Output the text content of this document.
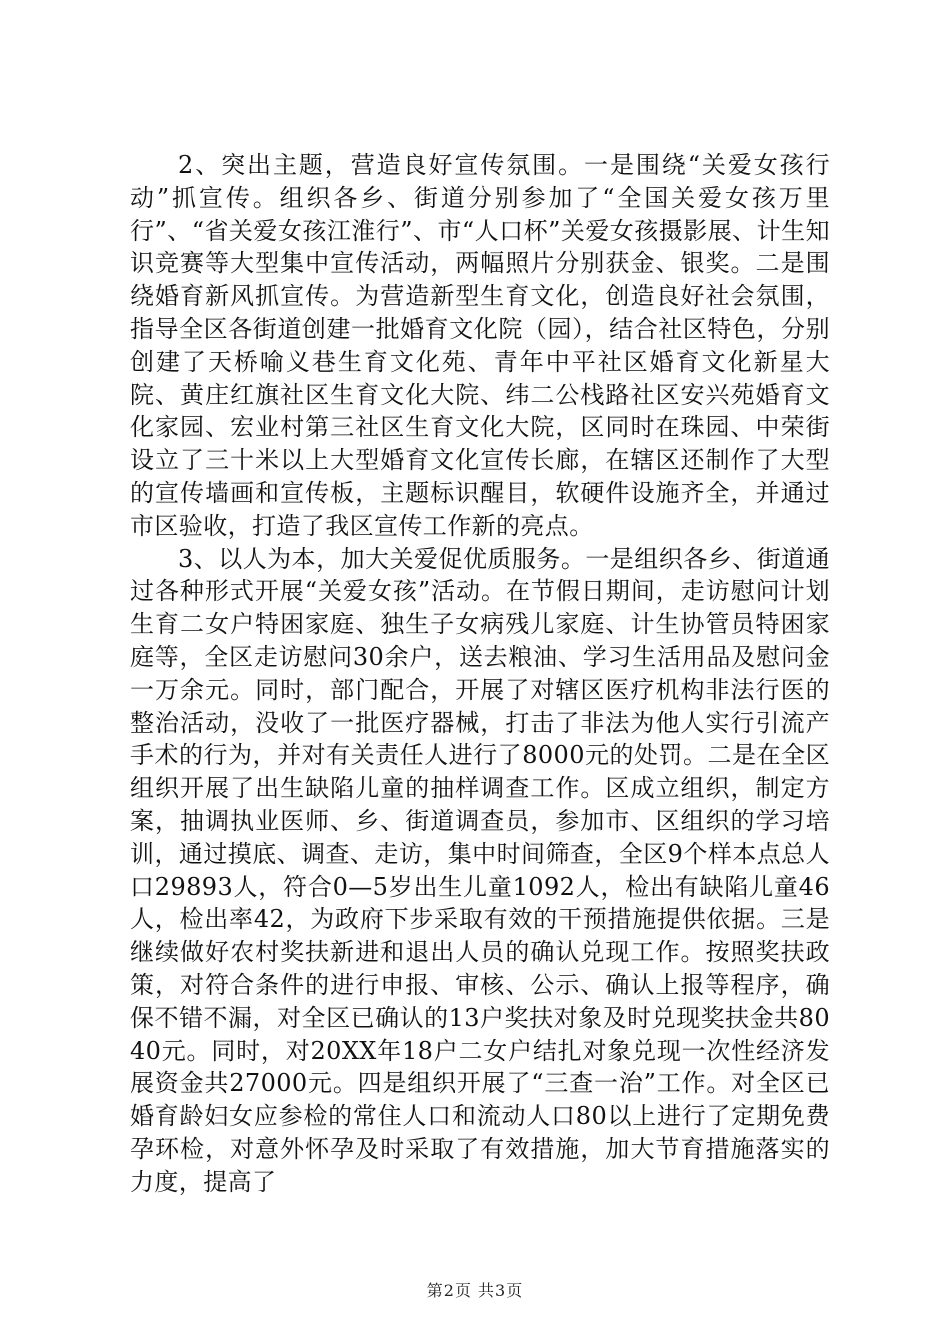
2、突出主题，营造良好宣传氛围。一是围绕“关爱女孩行动”抓宣传。组织各乡、街道分别参加了“全国关爱女孩万里行”、“省关爱女孩江淮行”、市“人口杯”关爱女孩摄影展、计生知识竞赛等大型集中宣传活动，两幅照片分别获金、银奖。二是围绕婚育新风抓宣传。为营造新型生育文化，创造良好社会氛围，指导全区各街道创建一批婚育文化院（园），结合社区特色，分别创建了天桥喻义巷生育文化苑、青年中平社区婚育文化新星大院、黄庄红旗社区生育文化大院、纬二公栈路社区安兴苑婚育文化家园、宏业村第三社区生育文化大院，区同时在珠园、中荣街设立了三十米以上大型婚育文化宣传长廊，在辖区还制作了大型的宣传墙画和宣传板，主题标识醒目，软硬件设施齐全，并通过市区验收，打造了我区宣传工作新的亮点。

3、以人为本，加大关爱促优质服务。一是组织各乡、街道通过各种形式开展“关爱女孩”活动。在节假日期间，走访慰问计划生育二女户特困家庭、独生子女病残儿家庭、计生协管员特困家庭等，全区走访慰问30余户，送去粮油、学习生活用品及慰问金一万余元。同时，部门配合，开展了对辖区医疗机构非法行医的整治活动，没收了一批医疗器械，打击了非法为他人实行引流产手术的行为，并对有关责任人进行了8000元的处罚。二是在全区组织开展了出生缺陷儿童的抽样调查工作。区成立组织，制定方案，抽调执业医师、乡、街道调查员，参加市、区组织的学习培训，通过摸底、调查、走访，集中时间筛查，全区9个样本点总人口29893人，符合0—5岁出生儿童1092人，检出有缺陷儿童46人，检出率42，为政府下步采取有效的干预措施提供依据。三是继续做好农村奖扶新进和退出人员的确认兑现工作。按照奖扶政策，对符合条件的进行申报、审核、公示、确认上报等程序，确保不错不漏，对全区已确认的13户奖扶对象及时兑现奖扶金共8040元。同时，对20XX年18户二女户结扎对象兑现一次性经济发展资金共27000元。四是组织开展了“三查一治”工作。对全区已婚育龄妇女应参检的常住人口和流动人口80以上进行了定期免费孕环检，对意外怀孕及时采取了有效措施，加大节育措施落实的力度，提高了

第2页 共3页
